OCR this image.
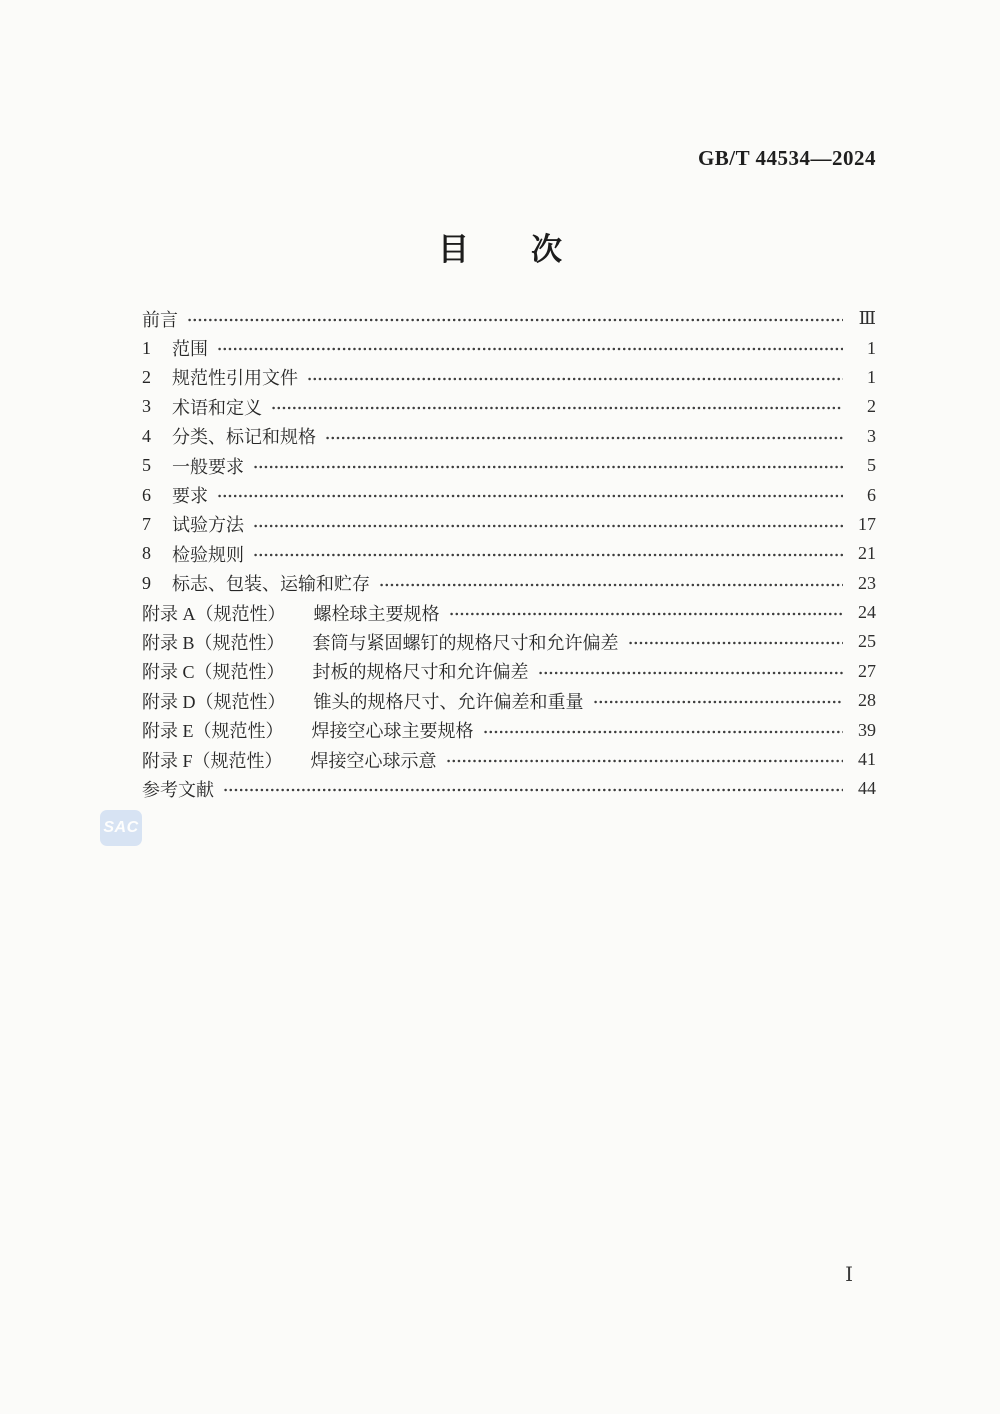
GB/T 44534—2024
目　　次
前言	Ⅲ
1	范围	1
2	规范性引用文件	1
3	术语和定义	2
4	分类、标记和规格	3
5	一般要求	5
6	要求	6
7	试验方法	17
8	检验规则	21
9	标志、包装、运输和贮存	23
附录 A（规范性） 螺栓球主要规格	24
附录 B（规范性） 套筒与紧固螺钉的规格尺寸和允许偏差	25
附录 C（规范性） 封板的规格尺寸和允许偏差	27
附录 D（规范性） 锥头的规格尺寸、允许偏差和重量	28
附录 E（规范性） 焊接空心球主要规格	39
附录 F（规范性） 焊接空心球示意	41
参考文献	44
SAC
Ⅰ
